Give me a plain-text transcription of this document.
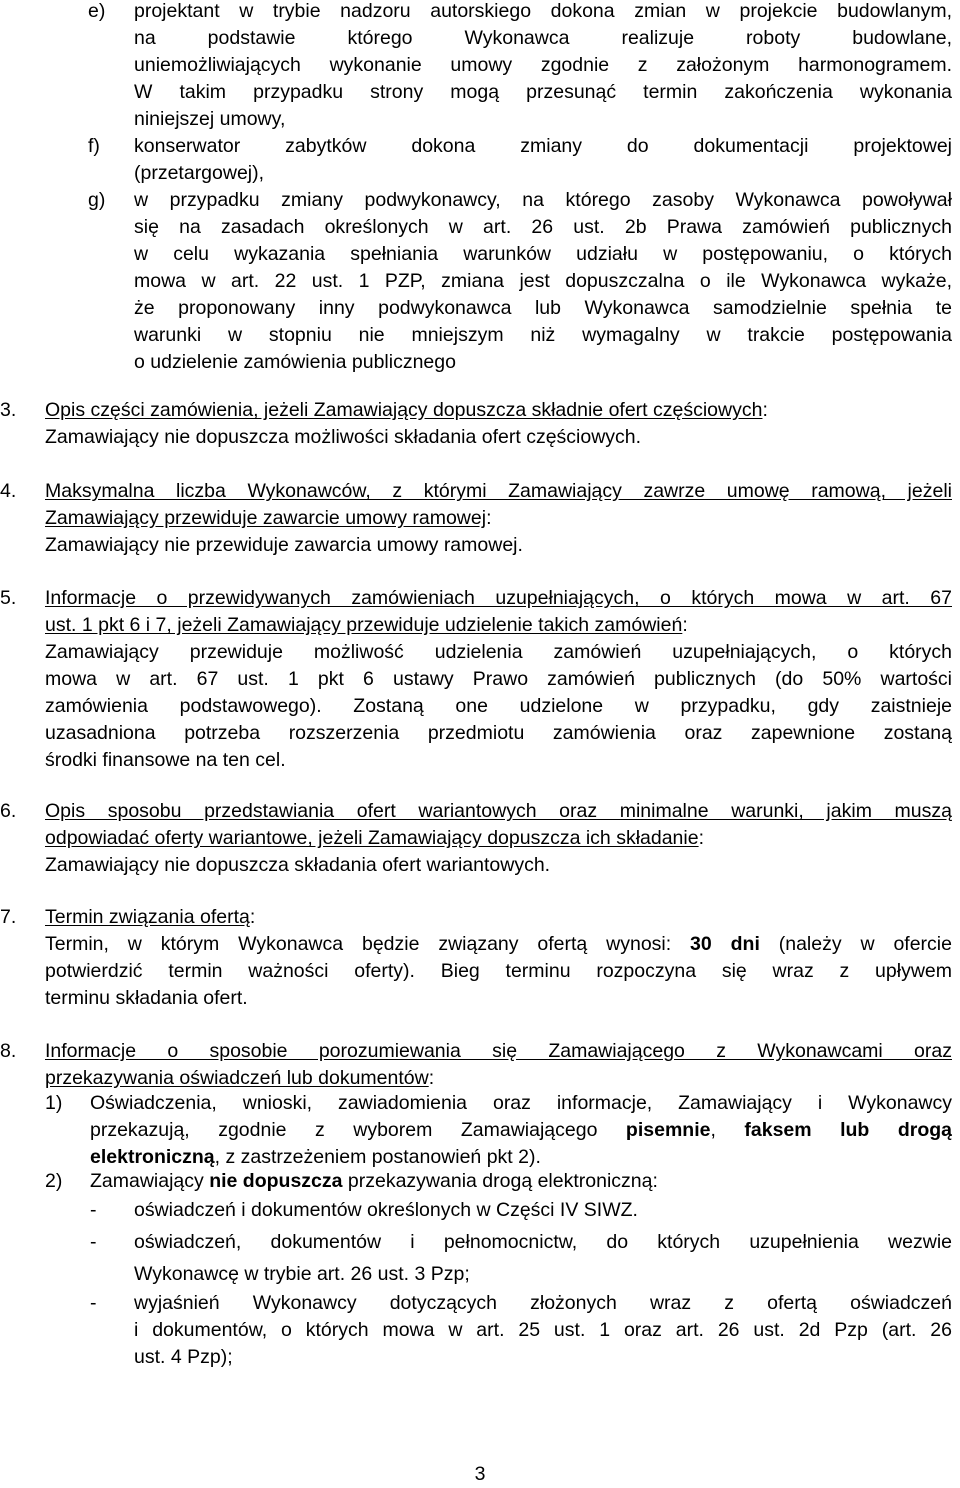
e) projektant w trybie nadzoru autorskiego dokona zmian w projekcie budowlanym,
na podstawie którego Wykonawca realizuje roboty budowlane,
uniemożliwiających wykonanie umowy zgodnie z założonym harmonogramem.
W takim przypadku strony mogą przesunąć termin zakończenia wykonania
niniejszej umowy,
f) konserwator zabytków dokona zmiany do dokumentacji projektowej
(przetargowej),
g) w przypadku zmiany podwykonawcy, na którego zasoby Wykonawca powoływał
się na zasadach określonych w art. 26 ust. 2b Prawa zamówień publicznych
w celu wykazania spełniania warunków udziału w postępowaniu, o których
mowa w art. 22 ust. 1 PZP, zmiana jest dopuszczalna o ile Wykonawca wykaże,
że proponowany inny podwykonawca lub Wykonawca samodzielnie spełnia te
warunki w stopniu nie mniejszym niż wymagalny w trakcie postępowania
o udzielenie zamówienia publicznego
3. Opis części zamówienia, jeżeli Zamawiający dopuszcza składnie ofert częściowych:
Zamawiający nie dopuszcza możliwości składania ofert częściowych.
4. Maksymalna liczba Wykonawców, z którymi Zamawiający zawrze umowę ramową, jeżeli
Zamawiający przewiduje zawarcie umowy ramowej:
Zamawiający nie przewiduje zawarcia umowy ramowej.
5. Informacje o przewidywanych zamówieniach uzupełniających, o których mowa w art. 67
ust. 1 pkt 6 i 7, jeżeli Zamawiający przewiduje udzielenie takich zamówień:
Zamawiający przewiduje możliwość udzielenia zamówień uzupełniających, o których
mowa w art. 67 ust. 1 pkt 6 ustawy Prawo zamówień publicznych (do 50% wartości
zamówienia podstawowego). Zostaną one udzielone w przypadku, gdy zaistnieje
uzasadniona potrzeba rozszerzenia przedmiotu zamówienia oraz zapewnione zostaną
środki finansowe na ten cel.
6. Opis sposobu przedstawiania ofert wariantowych oraz minimalne warunki, jakim muszą
odpowiadać oferty wariantowe, jeżeli Zamawiający dopuszcza ich składanie:
Zamawiający nie dopuszcza składania ofert wariantowych.
7. Termin związania ofertą:
Termin, w którym Wykonawca będzie związany ofertą wynosi: 30 dni (należy w ofercie
potwierdzić termin ważności oferty). Bieg terminu rozpoczyna się wraz z upływem
terminu składania ofert.
8. Informacje o sposobie porozumiewania się Zamawiającego z Wykonawcami oraz
przekazywania oświadczeń lub dokumentów:
1) Oświadczenia, wnioski, zawiadomienia oraz informacje, Zamawiający i Wykonawcy
przekazują, zgodnie z wyborem Zamawiającego pisemnie, faksem lub drogą
elektroniczną, z zastrzeżeniem postanowień pkt 2).
2) Zamawiający nie dopuszcza przekazywania drogą elektroniczną:
- oświadczeń i dokumentów określonych w Części IV SIWZ.
- oświadczeń, dokumentów i pełnomocnictw, do których uzupełnienia wezwie
Wykonawcę w trybie art. 26 ust. 3 Pzp;
- wyjaśnień Wykonawcy dotyczących złożonych wraz z ofertą oświadczeń
i dokumentów, o których mowa w art. 25 ust. 1 oraz art. 26 ust. 2d Pzp (art. 26
ust. 4 Pzp);
3
